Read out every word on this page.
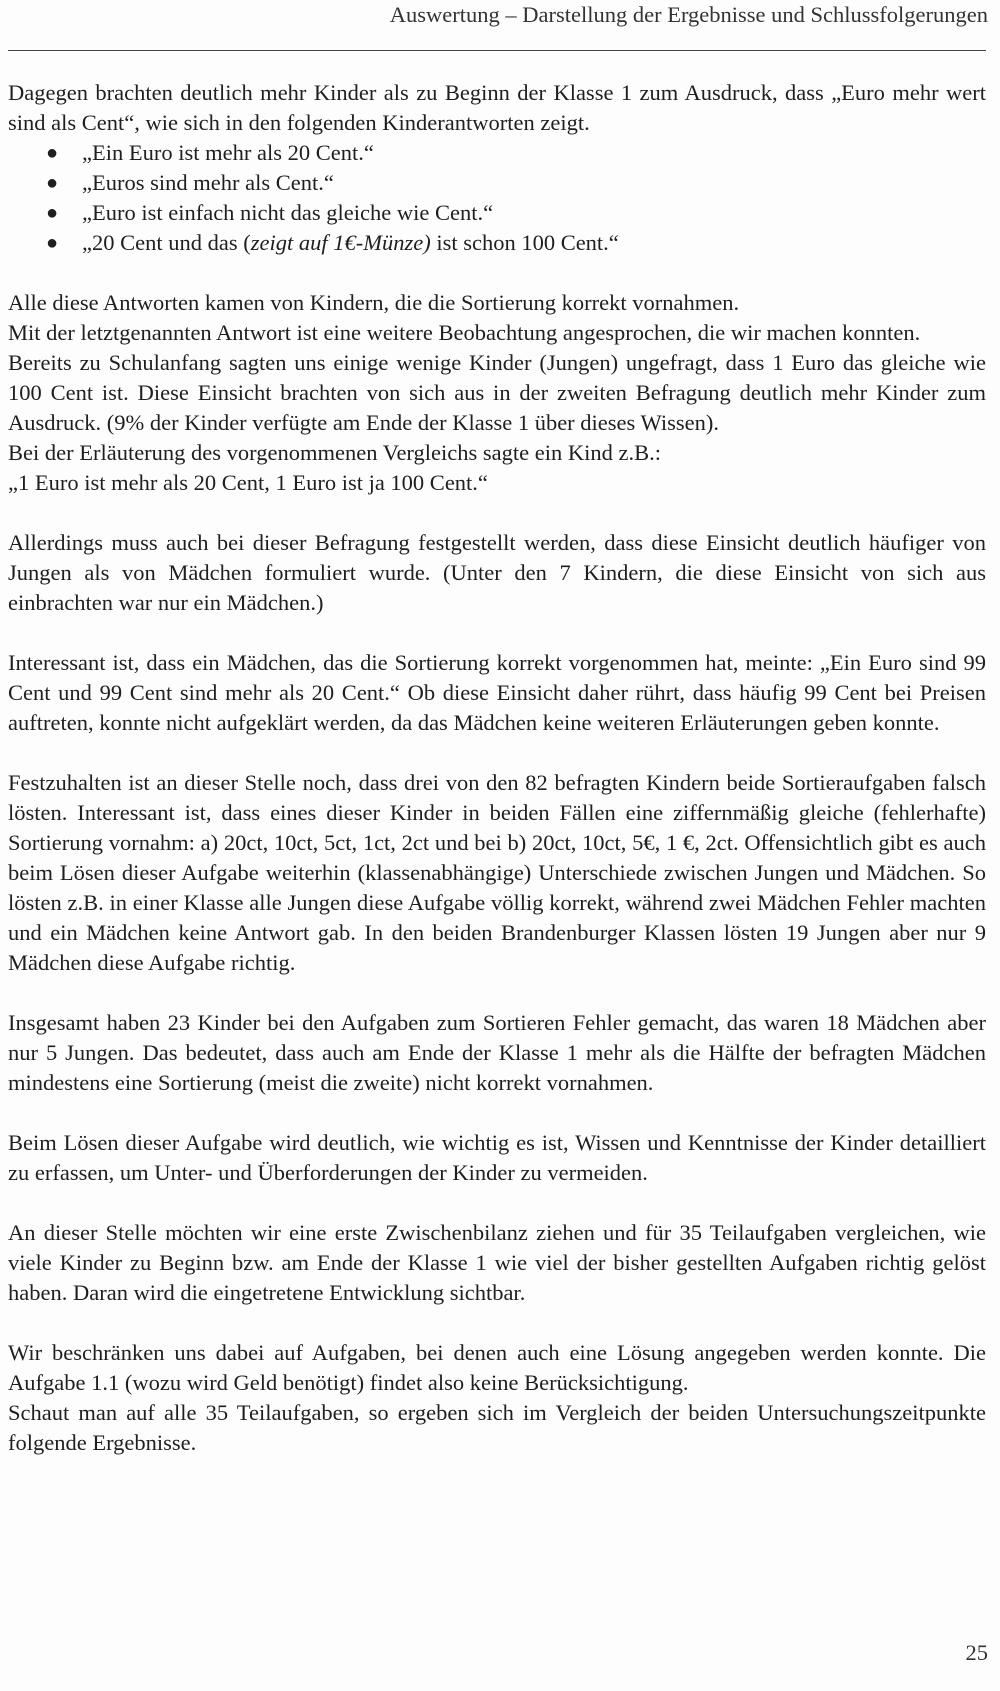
Auswertung – Darstellung der Ergebnisse und Schlussfolgerungen

Dagegen brachten deutlich mehr Kinder als zu Beginn der Klasse 1 zum Ausdruck, dass „Euro mehr wert sind als Cent“, wie sich in den folgenden Kinderantworten zeigt.

● „Ein Euro ist mehr als 20 Cent.“
● „Euros sind mehr als Cent.“
● „Euro ist einfach nicht das gleiche wie Cent.“
● „20 Cent und das (zeigt auf 1€-Münze) ist schon 100 Cent.“

Alle diese Antworten kamen von Kindern, die die Sortierung korrekt vornahmen.

Mit der letztgenannten Antwort ist eine weitere Beobachtung angesprochen, die wir machen konnten.

Bereits zu Schulanfang sagten uns einige wenige Kinder (Jungen) ungefragt, dass 1 Euro das gleiche wie 100 Cent ist. Diese Einsicht brachten von sich aus in der zweiten Befragung deutlich mehr Kinder zum Ausdruck. (9% der Kinder verfügte am Ende der Klasse 1 über dieses Wissen).

Bei der Erläuterung des vorgenommenen Vergleichs sagte ein Kind z.B.:

„1 Euro ist mehr als 20 Cent, 1 Euro ist ja 100 Cent.“

Allerdings muss auch bei dieser Befragung festgestellt werden, dass diese Einsicht deutlich häufiger von Jungen als von Mädchen formuliert wurde. (Unter den 7 Kindern, die diese Einsicht von sich aus einbrachten war nur ein Mädchen.)

Interessant ist, dass ein Mädchen, das die Sortierung korrekt vorgenommen hat, meinte: „Ein Euro sind 99 Cent und 99 Cent sind mehr als 20 Cent.“ Ob diese Einsicht daher rührt, dass häufig 99 Cent bei Preisen auftreten, konnte nicht aufgeklärt werden, da das Mädchen keine weiteren Erläuterungen geben konnte.

Festzuhalten ist an dieser Stelle noch, dass drei von den 82 befragten Kindern beide Sortieraufgaben falsch lösten. Interessant ist, dass eines dieser Kinder in beiden Fällen eine ziffernmäßig gleiche (fehlerhafte) Sortierung vornahm: a) 20ct, 10ct, 5ct, 1ct, 2ct und bei b) 20ct, 10ct, 5€, 1 €, 2ct. Offensichtlich gibt es auch beim Lösen dieser Aufgabe weiterhin (klassenabhängige) Unterschiede zwischen Jungen und Mädchen. So lösten z.B. in einer Klasse alle Jungen diese Aufgabe völlig korrekt, während zwei Mädchen Fehler machten und ein Mädchen keine Antwort gab. In den beiden Brandenburger Klassen lösten 19 Jungen aber nur 9 Mädchen diese Aufgabe richtig.

Insgesamt haben 23 Kinder bei den Aufgaben zum Sortieren Fehler gemacht, das waren 18 Mädchen aber nur 5 Jungen. Das bedeutet, dass auch am Ende der Klasse 1 mehr als die Hälfte der befragten Mädchen mindestens eine Sortierung (meist die zweite) nicht korrekt vornahmen.

Beim Lösen dieser Aufgabe wird deutlich, wie wichtig es ist, Wissen und Kenntnisse der Kinder detailliert zu erfassen, um Unter- und Überforderungen der Kinder zu vermeiden.

An dieser Stelle möchten wir eine erste Zwischenbilanz ziehen und für 35 Teilaufgaben vergleichen, wie viele Kinder zu Beginn bzw. am Ende der Klasse 1 wie viel der bisher gestellten Aufgaben richtig gelöst haben. Daran wird die eingetretene Entwicklung sichtbar.

Wir beschränken uns dabei auf Aufgaben, bei denen auch eine Lösung angegeben werden konnte. Die Aufgabe 1.1 (wozu wird Geld benötigt) findet also keine Berücksichtigung.

Schaut man auf alle 35 Teilaufgaben, so ergeben sich im Vergleich der beiden Untersuchungszeitpunkte folgende Ergebnisse.

25
